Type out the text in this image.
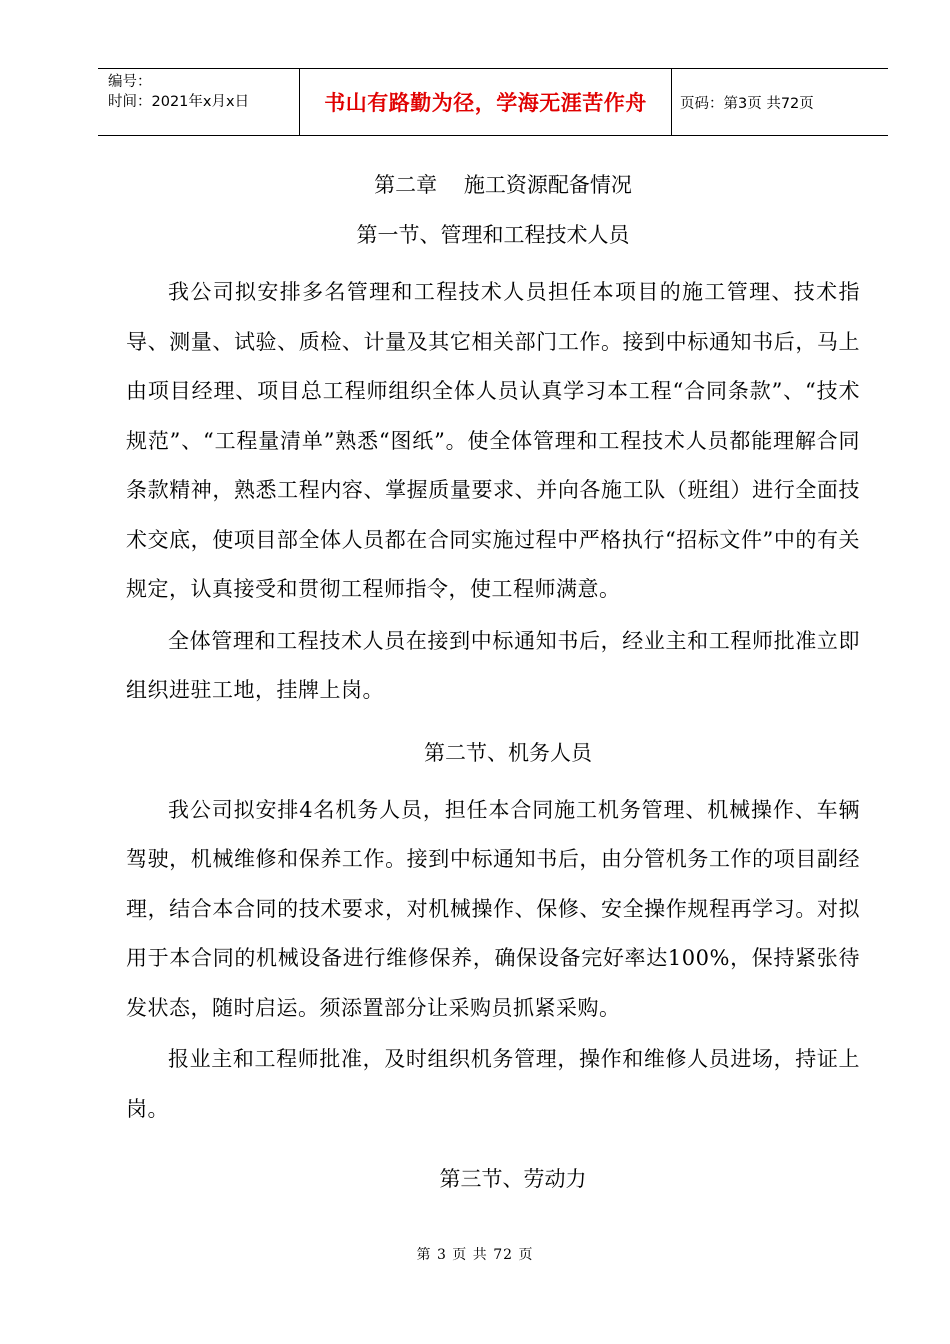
编号：
时间：2021年x月x日	书山有路勤为径，学海无涯苦作舟	页码：第3页 共72页
第二章    施工资源配备情况
第一节、管理和工程技术人员

我公司拟安排多名管理和工程技术人员担任本项目的施工管理、技术指导、测量、试验、质检、计量及其它相关部门工作。接到中标通知书后，马上由项目经理、项目总工程师组织全体人员认真学习本工程“合同条款”、“技术规范”、“工程量清单”熟悉“图纸”。使全体管理和工程技术人员都能理解合同条款精神，熟悉工程内容、掌握质量要求、并向各施工队（班组）进行全面技术交底，使项目部全体人员都在合同实施过程中严格执行“招标文件”中的有关规定，认真接受和贯彻工程师指令，使工程师满意。

全体管理和工程技术人员在接到中标通知书后，经业主和工程师批准立即组织进驻工地，挂牌上岗。

第二节、机务人员

我公司拟安排4名机务人员，担任本合同施工机务管理、机械操作、车辆驾驶，机械维修和保养工作。接到中标通知书后，由分管机务工作的项目副经理，结合本合同的技术要求，对机械操作、保修、安全操作规程再学习。对拟用于本合同的机械设备进行维修保养，确保设备完好率达100%，保持紧张待发状态，随时启运。须添置部分让采购员抓紧采购。

报业主和工程师批准，及时组织机务管理，操作和维修人员进场，持证上岗。

第三节、劳动力
第 3 页 共 72 页
